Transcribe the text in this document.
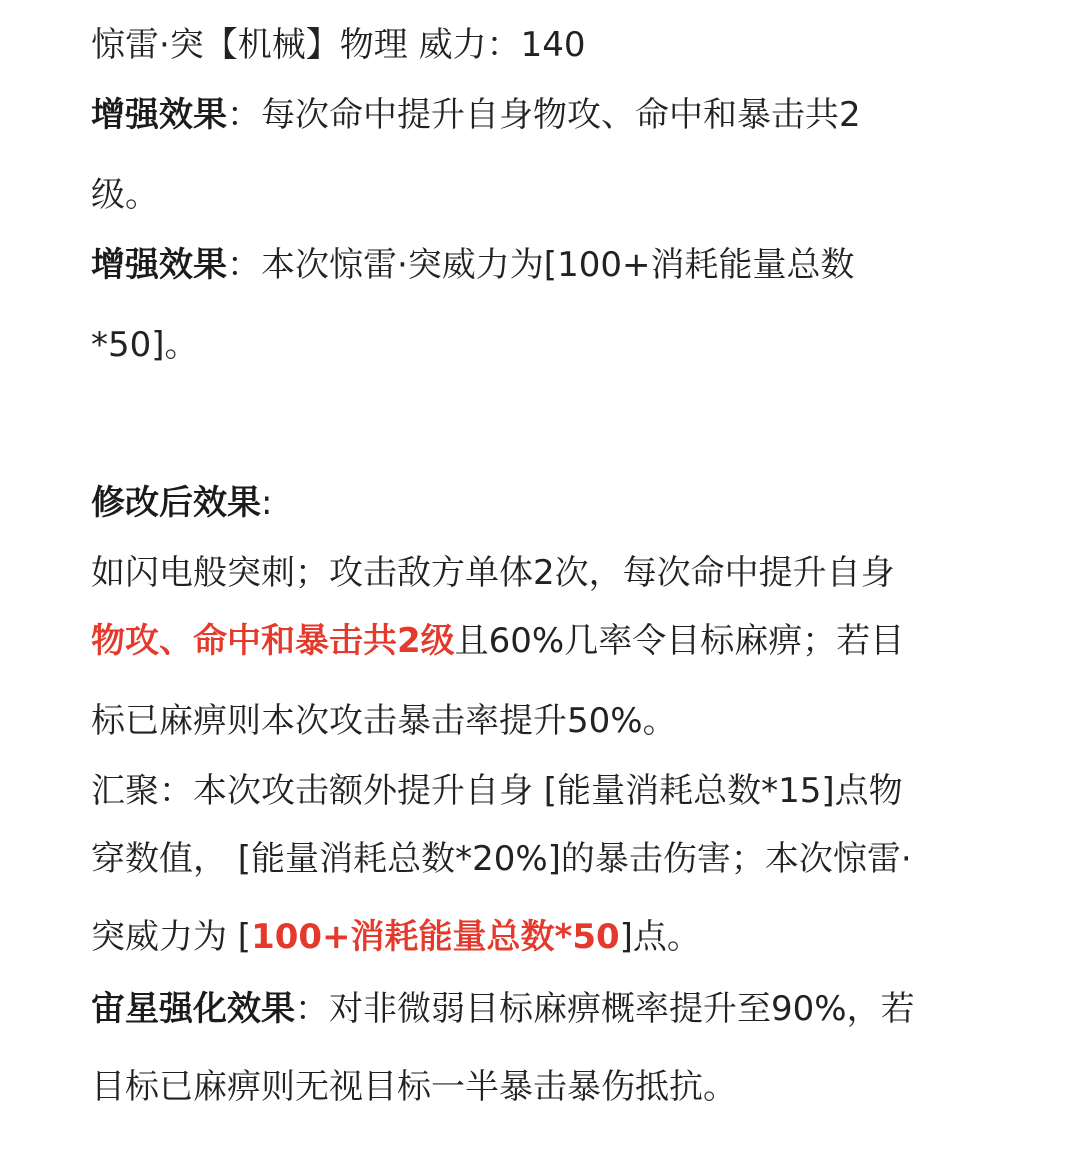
惊雷·突【机械】物理 威力：140

增强效果：每次命中提升自身物攻、命中和暴击共2

级。

增强效果：本次惊雷·突威力为[100+消耗能量总数

*50]。

修改后效果:

如闪电般突刺；攻击敌方单体2次，每次命中提升自身

物攻、命中和暴击共2级且60%几率令目标麻痹；若目

标已麻痹则本次攻击暴击率提升50%。

汇聚：本次攻击额外提升自身 [能量消耗总数*15]点物

穿数值， [能量消耗总数*20%]的暴击伤害；本次惊雷·

突威力为 [100+消耗能量总数*50]点。

宙星强化效果：对非微弱目标麻痹概率提升至90%，若

目标已麻痹则无视目标一半暴击暴伤抵抗。
